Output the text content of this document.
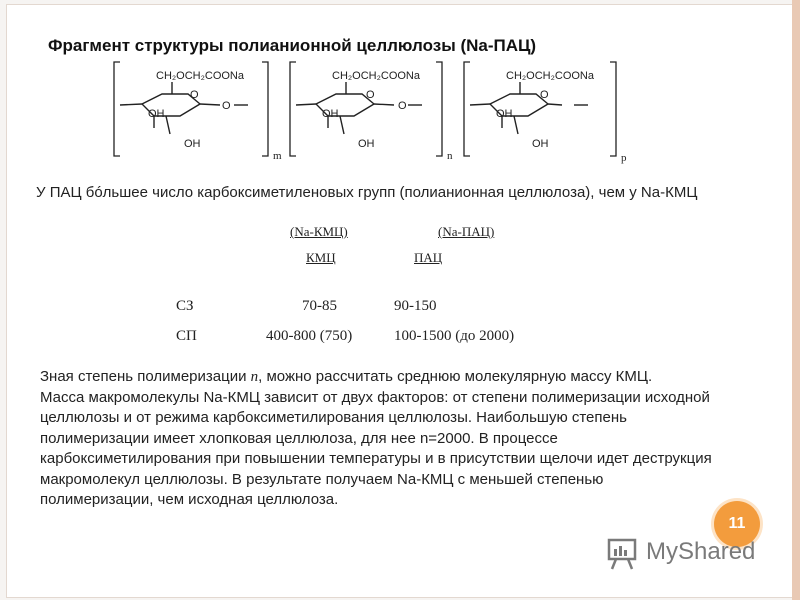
Фрагмент структуры полианионной целлюлозы (Na-ПАЦ)
CH₂OCH₂COONa
O
O
OH
OH
CH₂OCH₂COONa
O
O
OH
OH
CH₂OCH₂COONa
O
OH
OH
m	n	p
У ПАЦ бóльшее число карбоксиметиленовых групп (полианионная целлюлоза), чем у Na-КМЦ
(Na-КМЦ)	(Na-ПАЦ)
КМЦ	ПАЦ
СЗ	70-85	90-150
СП	400-800 (750)	100-1500 (до 2000)

Зная степень полимеризации n, можно рассчитать среднюю молекулярную массу КМЦ.

Масса макромолекулы Na-КМЦ зависит от двух факторов: от степени полимеризации исходной целлюлозы и от режима карбоксиметилирования целлюлозы. Наибольшую степень полимеризации имеет хлопковая целлюлоза, для нее n=2000. В процессе карбоксиметилирования при повышении температуры и в присутствии щелочи идет деструкция макромолекул целлюлозы. В результате получаем Na-КМЦ с меньшей степенью полимеризации, чем исходная целлюлоза.

11
MyShared
